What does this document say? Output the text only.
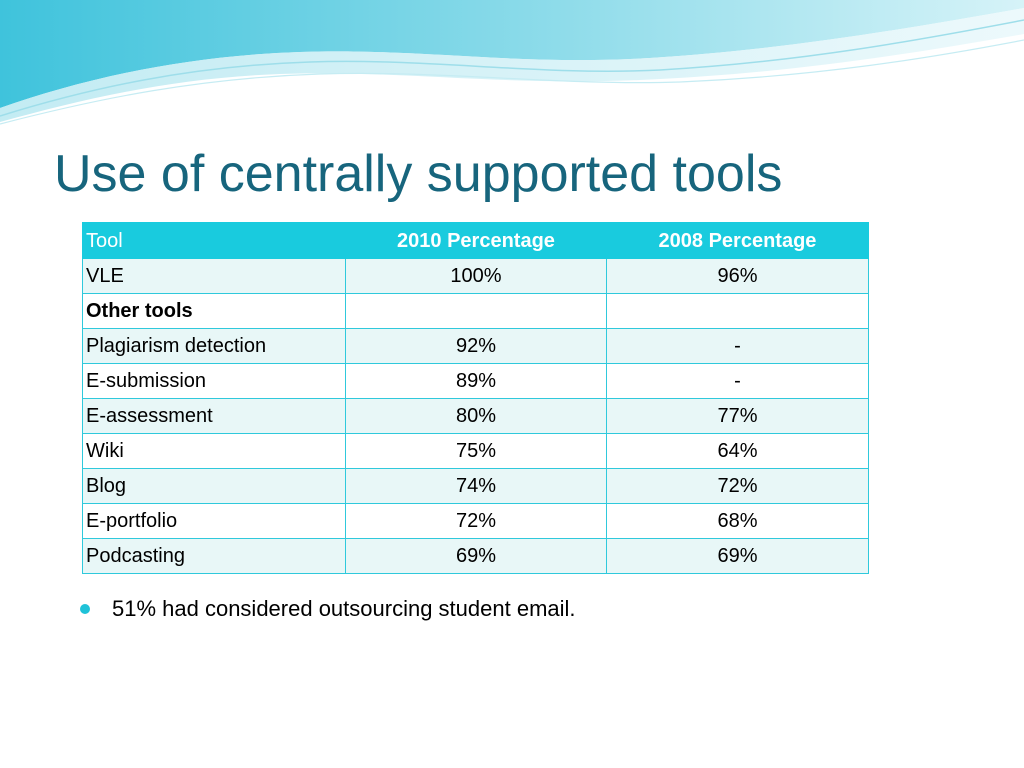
Use of centrally supported tools
Tool	2010 Percentage	2008 Percentage
VLE	100%	96%
Other tools		
Plagiarism detection	92%	-
E-submission	89%	-
E-assessment	80%	77%
Wiki	75%	64%
Blog	74%	72%
E-portfolio	72%	68%
Podcasting	69%	69%
51% had considered outsourcing student email.
